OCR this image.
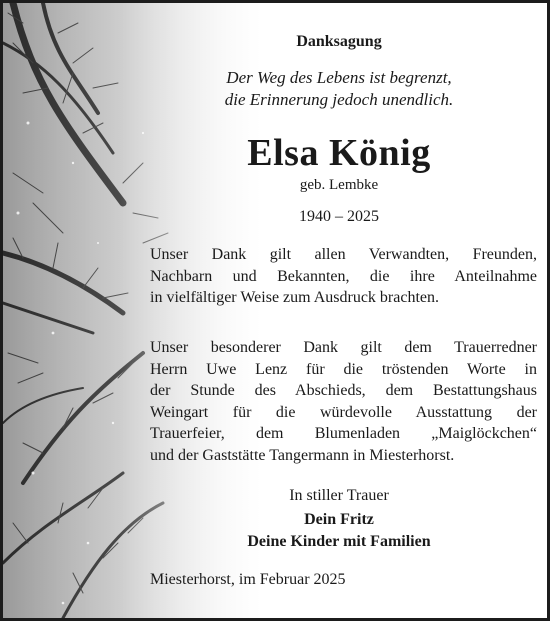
Danksagung
Der Weg des Lebens ist begrenzt,
die Erinnerung jedoch unendlich.
Elsa König
geb. Lembke
1940 – 2025
Unser Dank gilt allen Verwandten, Freunden,
Nachbarn und Bekannten, die ihre Anteilnahme
in vielfältiger Weise zum Ausdruck brachten.
Unser besonderer Dank gilt dem Trauerredner
Herrn Uwe Lenz für die tröstenden Worte in
der Stunde des Abschieds, dem Bestattungshaus
Weingart für die würdevolle Ausstattung der
Trauerfeier, dem Blumenladen „Maiglöckchen“
und der Gaststätte Tangermann in Miesterhorst.
In stiller Trauer
Dein Fritz
Deine Kinder mit Familien
Miesterhorst, im Februar 2025
